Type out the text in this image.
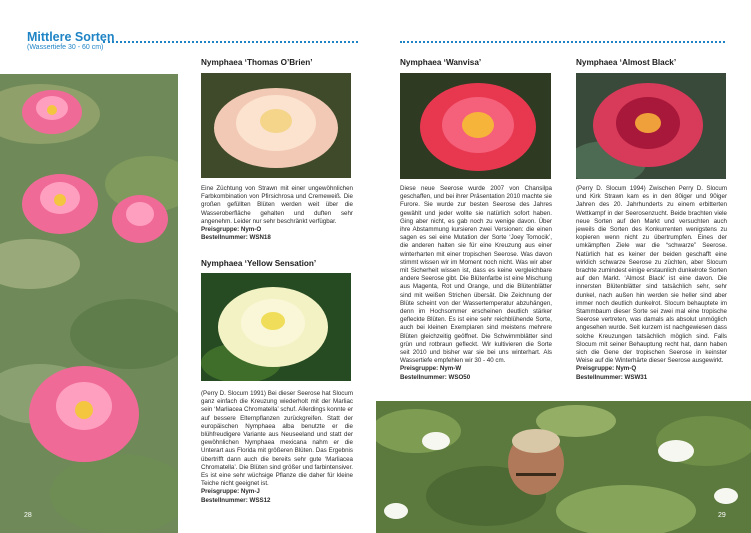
Mittlere Sorten
(Wassertiefe 30 - 60 cm)
28
Nymphaea ‘Thomas O’Brien’
Eine Züchtung von Strawn mit einer ungewöhnlichen Farbkombination von Pfirsichrosa und Cremeweiß. Die großen gefüllten Blüten werden weit über die Wasseroberfläche gehalten und duften sehr angenehm. Leider nur sehr beschränkt verfügbar.
Preisgruppe: Nym-O
Bestellnummer: WSN18
Nymphaea ‘Yellow Sensation’
(Perry D. Slocum 1991) Bei dieser Seerose hat Slocum ganz einfach die Kreuzung wiederholt mit der Marliac sein ‘Marliacea Chromatella’ schuf. Allerdings konnte er auf bessere Elternpflanzen zurückgreifen. Statt der europäischen Nymphaea alba benutzte er die blühfreudigere Variante aus Neuseeland und statt der gewöhnlichen Nymphaea mexicana nahm er die Unterart aus Florida mit größeren Blüten. Das Ergebnis übertrifft dann auch die bereits sehr gute ‘Marliacea Chromatella’. Die Blüten sind größer und farbintensiver. Es ist eine sehr wüchsige Pflanze die daher für kleine Teiche nicht geeignet ist.
Preisgruppe: Nym-J
Bestellnummer: WSS12
Nymphaea ‘Wanvisa’
Diese neue Seerose wurde 2007 von Chansilpa geschaffen, und bei ihrer Präsentation 2010 machte sie Furore. Sie wurde zur besten Seerose des Jahres gewählt und jeder wollte sie natürlich sofort haben. Ging aber nicht, es gab noch zu wenige davon. Über ihre Abstammung kursieren zwei Versionen: die einen sagen es sei eine Mutation der Sorte ‘Joey Tomocik’, die anderen halten sie für eine Kreuzung aus einer winterharten mit einer tropischen Seerose. Was davon stimmt wissen wir im Moment noch nicht. Was wir aber mit Sicherheit wissen ist, dass es keine vergleichbare andere Seerose gibt. Die Blütenfarbe ist eine Mischung aus Magenta, Rot und Orange, und die Blütenblätter sind mit weißen Strichen übersät. Die Zeichnung der Blüte scheint von der Wassertemperatur abzuhängen, denn im Hochsommer erscheinen deutlich stärker gefleckte Blüten. Es ist eine sehr reichblühende Sorte, auch bei kleinen Exemplaren sind meistens mehrere Blüten gleichzeitig geöffnet. Die Schwimmblätter sind grün und rotbraun gefleckt. Wir kultivieren die Sorte seit 2010 und bisher war sie bei uns winterhart. Als Wassertiefe empfehlen wir 30 - 40 cm.
Preisgruppe: Nym-W
Bestellnummer: WSO50
Nymphaea ‘Almost Black’
(Perry D. Slocum 1994) Zwischen Perry D. Slocum und Kirk Strawn kam es in den 80iger und 90iger Jahren des 20. Jahrhunderts zu einem erbitterten Wettkampf in der Seerosenzucht. Beide brachten viele neue Sorten auf den Markt und versuchten auch jeweils die Sorten des Konkurrenten wenigstens zu kopieren wenn nicht zu übertrumpfen. Eines der umkämpften Ziele war die “schwarze” Seerose. Natürlich hat es keiner der beiden geschafft eine wirklich schwarze Seerose zu züchten, aber Slocum brachte zumindest einige erstaunlich dunkelrote Sorten auf den Markt. ‘Almost Black’ ist eine davon. Die innersten Blütenblätter sind tatsächlich sehr, sehr dunkel, nach außen hin werden sie heller sind aber immer noch deutlich dunkelrot. Slocum behauptete im Stammbaum dieser Sorte sei zwei mal eine tropische Seerose vertreten, was damals als absolut unmöglich angesehen wurde. Seit kurzem ist nachgewiesen dass solche Kreuzungen tatsächlich möglich sind. Falls Slocum mit seiner Behauptung recht hat, dann haben sich die Gene der tropischen Seerose in keinster Weise auf die Winterhärte dieser Seerose ausgewirkt.
Preisgruppe: Nym-Q
Bestellnummer: WSW31
29
